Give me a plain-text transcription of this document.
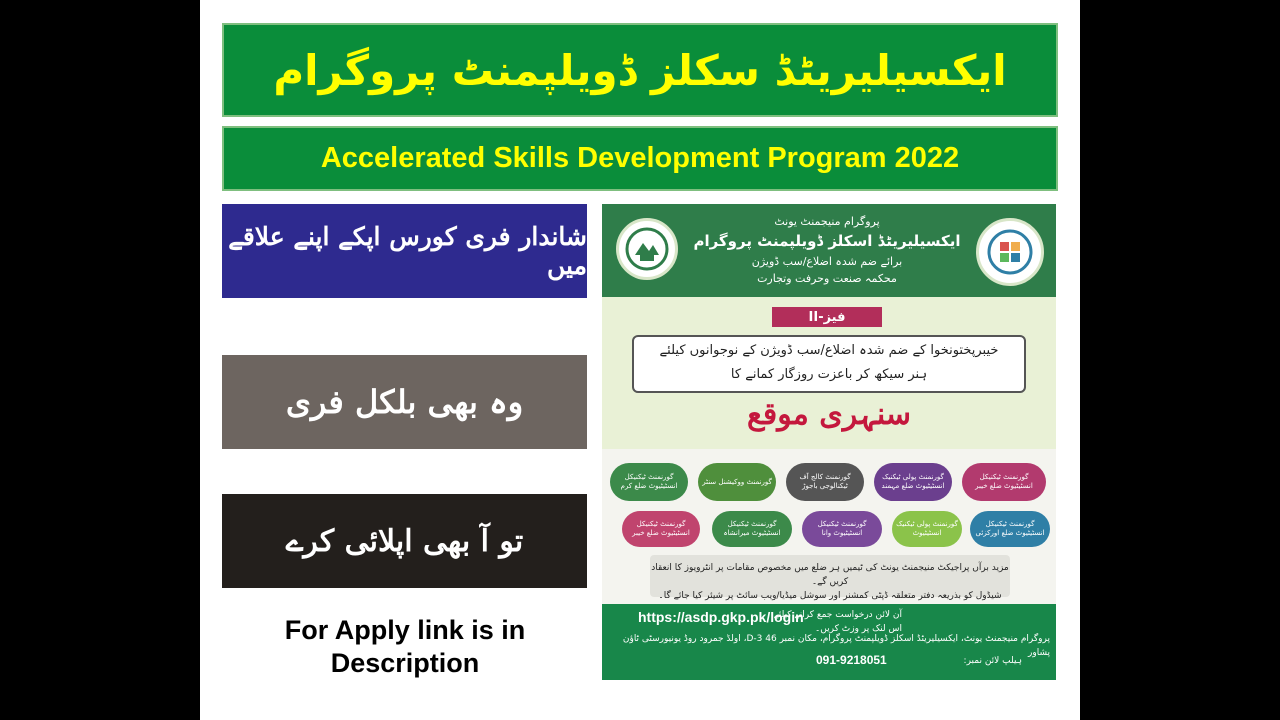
ایکسیلیریٹڈ سکلز ڈویلپمنٹ پروگرام
Accelerated Skills Development Program 2022
شاندار فری کورس اپکے اپنے علاقے میں
وہ بھی بلکل فری
تو آ بھی اپلائی کرے
For Apply link is in Description
پروگرام منیجمنٹ یونٹ
ایکسیلیریٹڈ اسکلز ڈویلپمنٹ پروگرام
برائے ضم شدہ اضلاع/سب ڈویژن
محکمہ صنعت وحرفت وتجارت
فیز-II
خیبرپختونخوا کے ضم شدہ اضلاع/سب ڈویژن کے نوجوانوں کیلئے
ہنر سیکھ کر باعزت روزگار کمانے کا
سنہری موقع
گورنمنٹ ٹیکنیکل انسٹیٹیوٹ ضلع کرم
گورنمنٹ ووکیشنل سنٹر
گورنمنٹ کالج آف ٹیکنالوجی باجوڑ
گورنمنٹ پولی ٹیکنیک انسٹیٹیوٹ ضلع مہمند
گورنمنٹ ٹیکنیکل انسٹیٹیوٹ ضلع خیبر
گورنمنٹ ٹیکنیکل انسٹیٹیوٹ ضلع خیبر
گورنمنٹ ٹیکنیکل انسٹیٹیوٹ میرانشاہ
گورنمنٹ ٹیکنیکل انسٹیٹیوٹ وانا
گورنمنٹ پولی ٹیکنیک انسٹیٹیوٹ
گورنمنٹ ٹیکنیکل انسٹیٹیوٹ ضلع اورکزئی
مزید برآں پراجیکٹ منیجمنٹ یونٹ کی ٹیمیں ہر ضلع میں مخصوص مقامات پر انٹرویوز کا انعقاد کریں گے۔
شیڈول کو بذریعہ دفتر متعلقہ ڈپٹی کمشنر اور سوشل میڈیا/ویب سائٹ پر شیئر کیا جائے گا۔
آن لائن درخواست جمع کرانے کیلئے اس لنک پر وزٹ کریں۔
https://asdp.gkp.pk/login
پروگرام منیجمنٹ یونٹ، ایکسیلیریٹڈ اسکلز ڈویلپمنٹ پروگرام، مکان نمبر D-3 46، اولڈ جمرود روڈ یونیورسٹی ٹاؤن پشاور
ہیلپ لائن نمبر:
091-9218051
